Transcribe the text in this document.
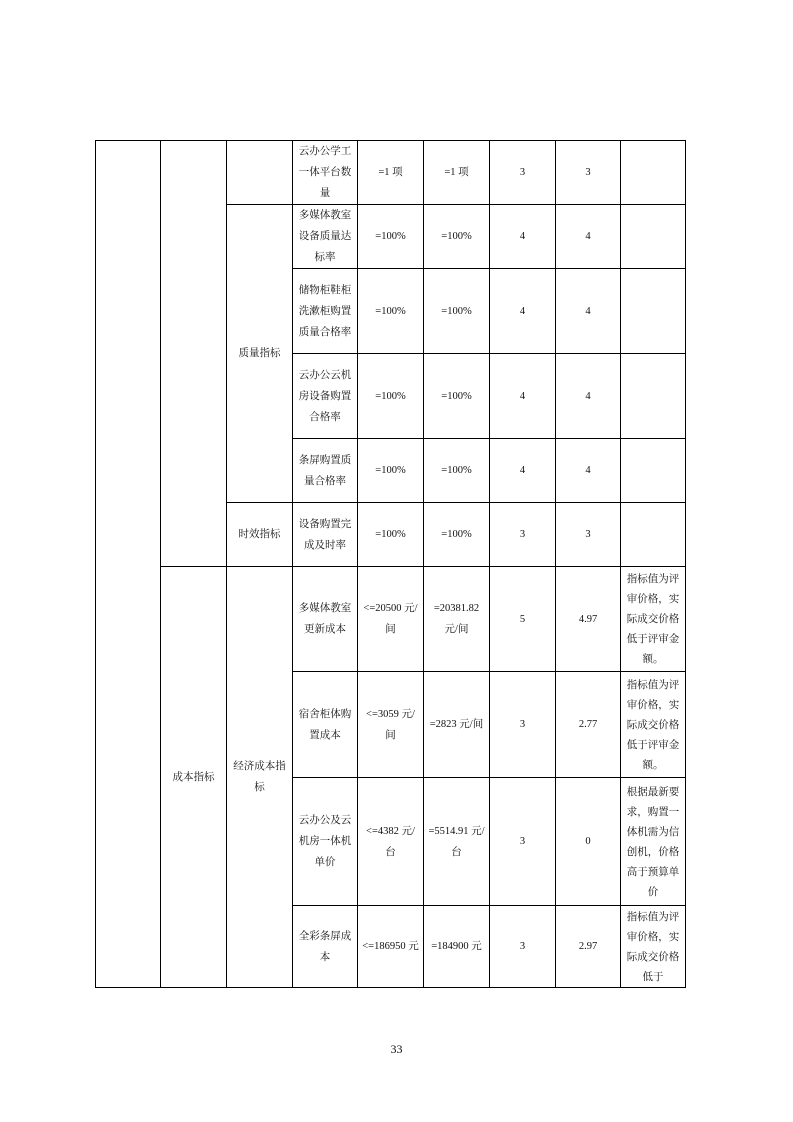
			云办公学工一体平台数量	=1 项	=1 项	3	3	
		质量指标	多媒体教室设备质量达标率	=100%	=100%	4	4	
			储物柜鞋柜洗漱柜购置质量合格率	=100%	=100%	4	4	
			云办公云机房设备购置合格率	=100%	=100%	4	4	
			条屏购置质量合格率	=100%	=100%	4	4	
		时效指标	设备购置完成及时率	=100%	=100%	3	3	
	成本指标	经济成本指标	多媒体教室更新成本	<=20500 元/间	=20381.82 元/间	5	4.97	指标值为评审价格，实际成交价格低于评审金额。
			宿舍柜体购置成本	<=3059 元/间	=2823 元/间	3	2.77	指标值为评审价格，实际成交价格低于评审金额。
			云办公及云机房一体机单价	<=4382 元/台	=5514.91 元/台	3	0	根据最新要求，购置一体机需为信创机，价格高于预算单价
			全彩条屏成本	<=186950 元	=184900 元	3	2.97	指标值为评审价格，实际成交价格低于
33
